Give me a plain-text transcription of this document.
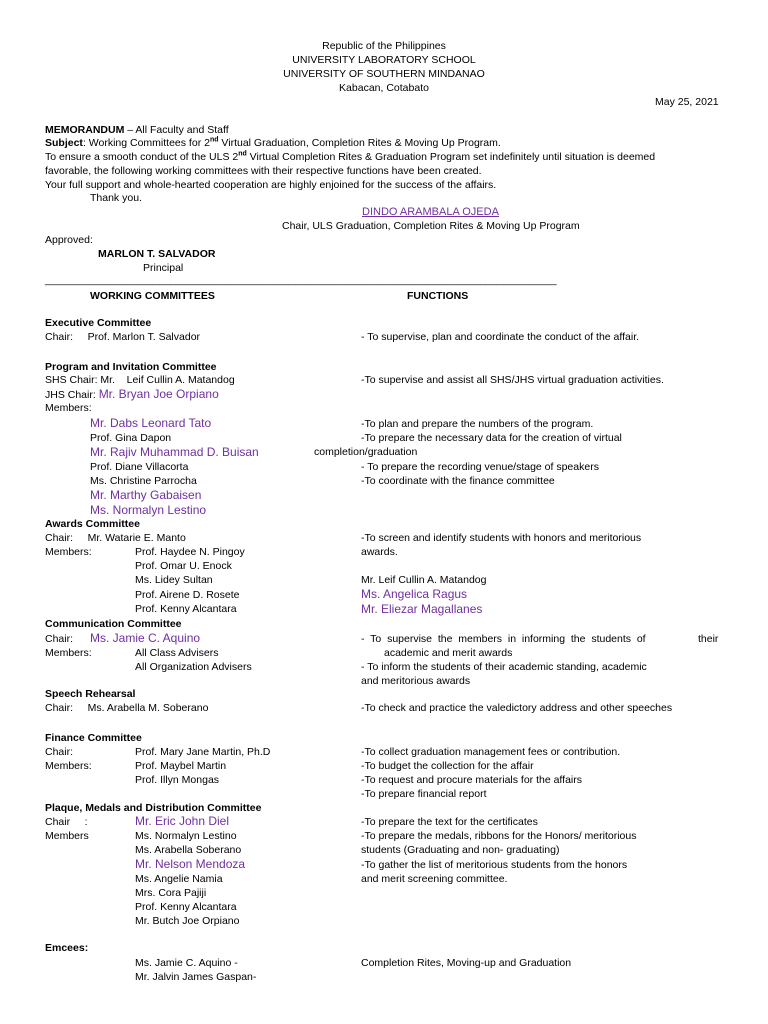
Republic of the Philippines
UNIVERSITY LABORATORY SCHOOL
UNIVERSITY OF SOUTHERN MINDANAO
Kabacan, Cotabato
May 25, 2021
MEMORANDUM – All Faculty and Staff
Subject: Working Committees for 2nd Virtual Graduation, Completion Rites & Moving Up Program.
To ensure a smooth conduct of the ULS 2nd Virtual Completion Rites & Graduation Program set indefinitely until situation is deemed
favorable, the following working committees with their respective functions have been created.
Your full support and whole-hearted cooperation are highly enjoined for the success of the affairs.
Thank you.
DINDO ARAMBALA OJEDA
Chair, ULS Graduation, Completion Rites & Moving Up Program
Approved:
MARLON T. SALVADOR
Principal
______________________________________________________________________________________________
WORKING COMMITTEES	FUNCTIONS
Executive Committee
Chair:     Prof. Marlon T. Salvador	- To supervise, plan and coordinate the conduct of the affair.
Program and Invitation Committee
SHS Chair: Mr.    Leif Cullin A. Matandog	-To supervise and assist all SHS/JHS virtual graduation activities.
JHS Chair: Mr. Bryan Joe Orpiano
Members:
Mr. Dabs Leonard Tato	-To plan and prepare the numbers of the program.
Prof. Gina Dapon	-To prepare the necessary data for the creation of virtual
Mr. Rajiv Muhammad D. Buisan	completion/graduation
Prof. Diane Villacorta	- To prepare the recording venue/stage of speakers
Ms. Christine Parrocha	-To coordinate with the finance committee
Mr. Marthy Gabaisen
Ms. Normalyn Lestino
Awards Committee
Chair:     Mr. Watarie E. Manto	-To screen and identify students with honors and meritorious
Members:	Prof. Haydee N. Pingoy	awards.
Prof. Omar U. Enock
Ms. Lidey Sultan	Mr. Leif Cullin A. Matandog
Prof. Airene D. Rosete	Ms. Angelica Ragus
Prof. Kenny Alcantara	Mr. Eliezar Magallanes
Communication Committee
Chair: Ms. Jamie C. Aquino	-  To  supervise  the  members  in  informing  the  students  of	their
Members:	All Class Advisers	academic and merit awards
All Organization Advisers	- To inform the students of their academic standing, academic
and meritorious awards
Speech Rehearsal
Chair:     Ms. Arabella M. Soberano	-To check and practice the valedictory address and other speeches
Finance Committee
Chair:	Prof. Mary Jane Martin, Ph.D	-To collect graduation management fees or contribution.
Members:	Prof. Maybel Martin	-To budget the collection for the affair
Prof. Illyn Mongas	-To request and procure materials for the affairs
-To prepare financial report
Plaque, Medals and Distribution Committee
Chair     :	Mr. Eric John Diel	-To prepare the text for the certificates
Members	Ms. Normalyn Lestino	-To prepare the medals, ribbons for the Honors/ meritorious
Ms. Arabella Soberano	students (Graduating and non- graduating)
Mr. Nelson Mendoza	-To gather the list of meritorious students from the honors
Ms. Angelie Namia	and merit screening committee.
Mrs. Cora Pajiji
Prof. Kenny Alcantara
Mr. Butch Joe Orpiano
Emcees:
Ms. Jamie C. Aquino -	Completion Rites, Moving-up and Graduation
Mr. Jalvin James Gaspan-
